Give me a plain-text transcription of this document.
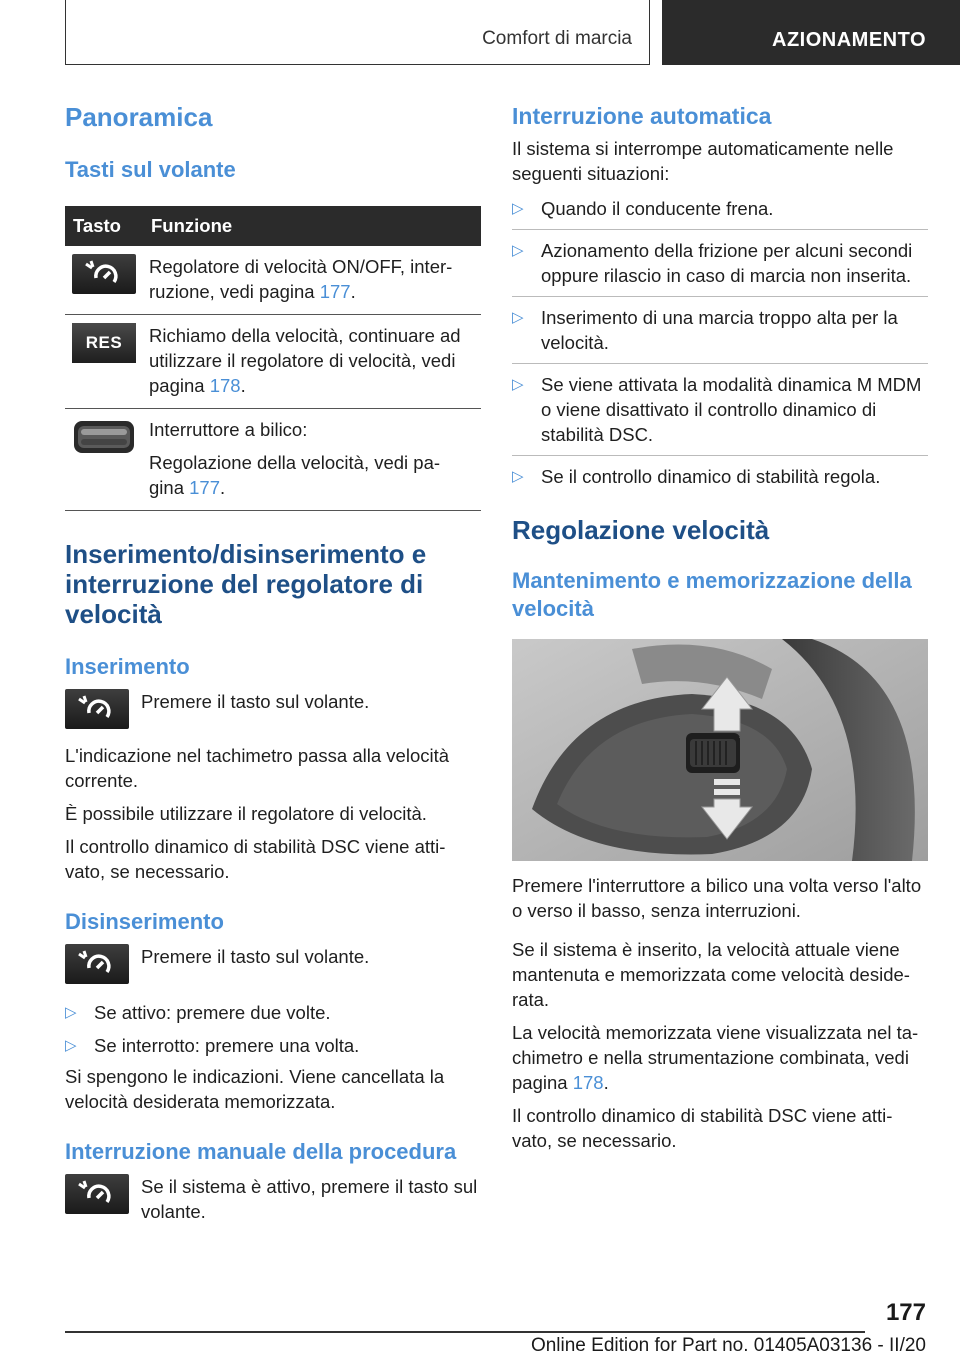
Comfort di marcia	AZIONAMENTO
Panoramica
Tasti sul volante
Tasto	Funzione

Regolatore di velocità ON/OFF, inter‐ruzione, vedi pagina 177.

RES	Richiamo della velocità, continuare ad utilizzare il regolatore di velocità, vedi pagina 178.

Interruttore a bilico:

Regolazione della velocità, vedi pa‐gina 177.

Inserimento/disinserimento e interruzione del regolatore di velocità
Inserimento

Premere il tasto sul volante.

L'indicazione nel tachimetro passa alla velocità corrente.

È possibile utilizzare il regolatore di velocità.

Il controllo dinamico di stabilità DSC viene atti‐vato, se necessario.

Disinserimento

Premere il tasto sul volante.

▷ Se attivo: premere due volte.
▷ Se interrotto: premere una volta.

Si spengono le indicazioni. Viene cancellata la velocità desiderata memorizzata.

Interruzione manuale della procedura

Se il sistema è attivo, premere il tasto sul volante.

Interruzione automatica

Il sistema si interrompe automaticamente nelle seguenti situazioni:

▷ Quando il conducente frena.
▷ Azionamento della frizione per alcuni secondi oppure rilascio in caso di marcia non inserita.
▷ Inserimento di una marcia troppo alta per la velocità.
▷ Se viene attivata la modalità dinamica M MDM o viene disattivato il controllo dinamico di stabilità DSC.
▷ Se il controllo dinamico di stabilità regola.
Regolazione velocità
Mantenimento e memorizzazione della velocità

Premere l'interruttore a bilico una volta verso l'alto o verso il basso, senza interruzioni.

Se il sistema è inserito, la velocità attuale viene mantenuta e memorizzata come velocità deside‐rata.

La velocità memorizzata viene visualizzata nel ta‐chimetro e nella strumentazione combinata, vedi pagina 178.

Il controllo dinamico di stabilità DSC viene atti‐vato, se necessario.

177
Online Edition for Part no. 01405A03136 - II/20
